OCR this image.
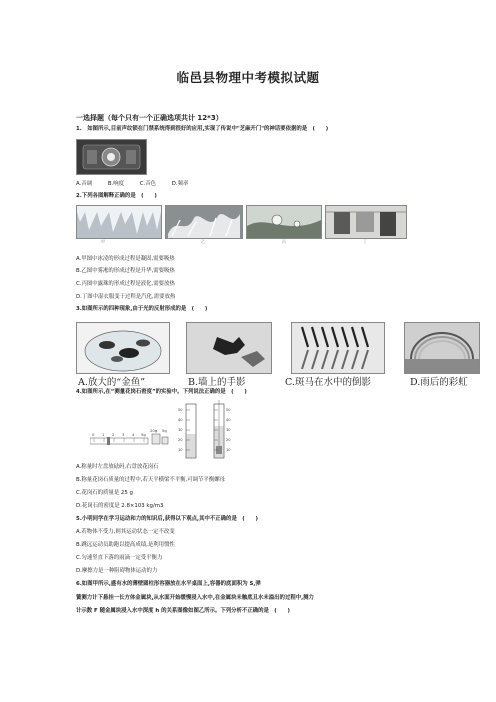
临邑县物理中考模拟试题
一选择题（每个只有一个正确选项共计 12*3）
1.　如图所示,目前声纹锁在门禁系统得到很好的应用,实现了传说中"芝麻开门"的神话要依据的是　(　　)
A.音调	B.响度	C.音色	D.频率
2.下列各图解释正确的是　(　　)
甲	乙	丙	丁
A.甲图中冰凌的形成过程是凝固,需要吸热
B.乙图中雾凇的形成过程是升华,需要吸热
C.丙图中露珠的形成过程是液化,需要放热
D.丁图中湿衣服变干过程是汽化,需要放热
3.如图所示的四种现象,由于光的反射形成的是　(　　)
A.放大的“金鱼”	B.墙上的手影	C.斑马在水中的倒影	D.雨后的彩虹
4.如图所示,在“测量花岗石密度”的实验中。下列说法正确的是　(　　)
0 1 2 3 4 5g
20g 5g
50
40
30
20
10
50
40
30
20
10
A.称量时左盘放砝码,右盘放花岗石
B.称量花岗石质量的过程中,若天平横梁不平衡,可调节平衡螺母
C.花岗石的质量是 25 g
D.花岗石的密度是 2.8×103 kg/m3
5.小明同学在学习运动和力的知识后,获得以下观点,其中不正确的是　(　　)
A.若物体不受力,则其运动状态一定不改变
B.跳远运动员助跑以提高成绩,是利用惯性
C.匀速竖直下落的雨滴一定受平衡力
D.摩擦力是一种阻碍物体运动的力
6.如图甲所示,盛有水的薄壁圆柱形容器放在水平桌面上,容器的底面积为 S,弹
簧测力计下悬挂一长方体金属块,从水面开始缓慢浸入水中,在金属块未触底且水未溢出的过程中,测力
计示数 F 随金属块浸入水中深度 h 的关系图像如图乙所示。下列分析不正确的是　(　　)
